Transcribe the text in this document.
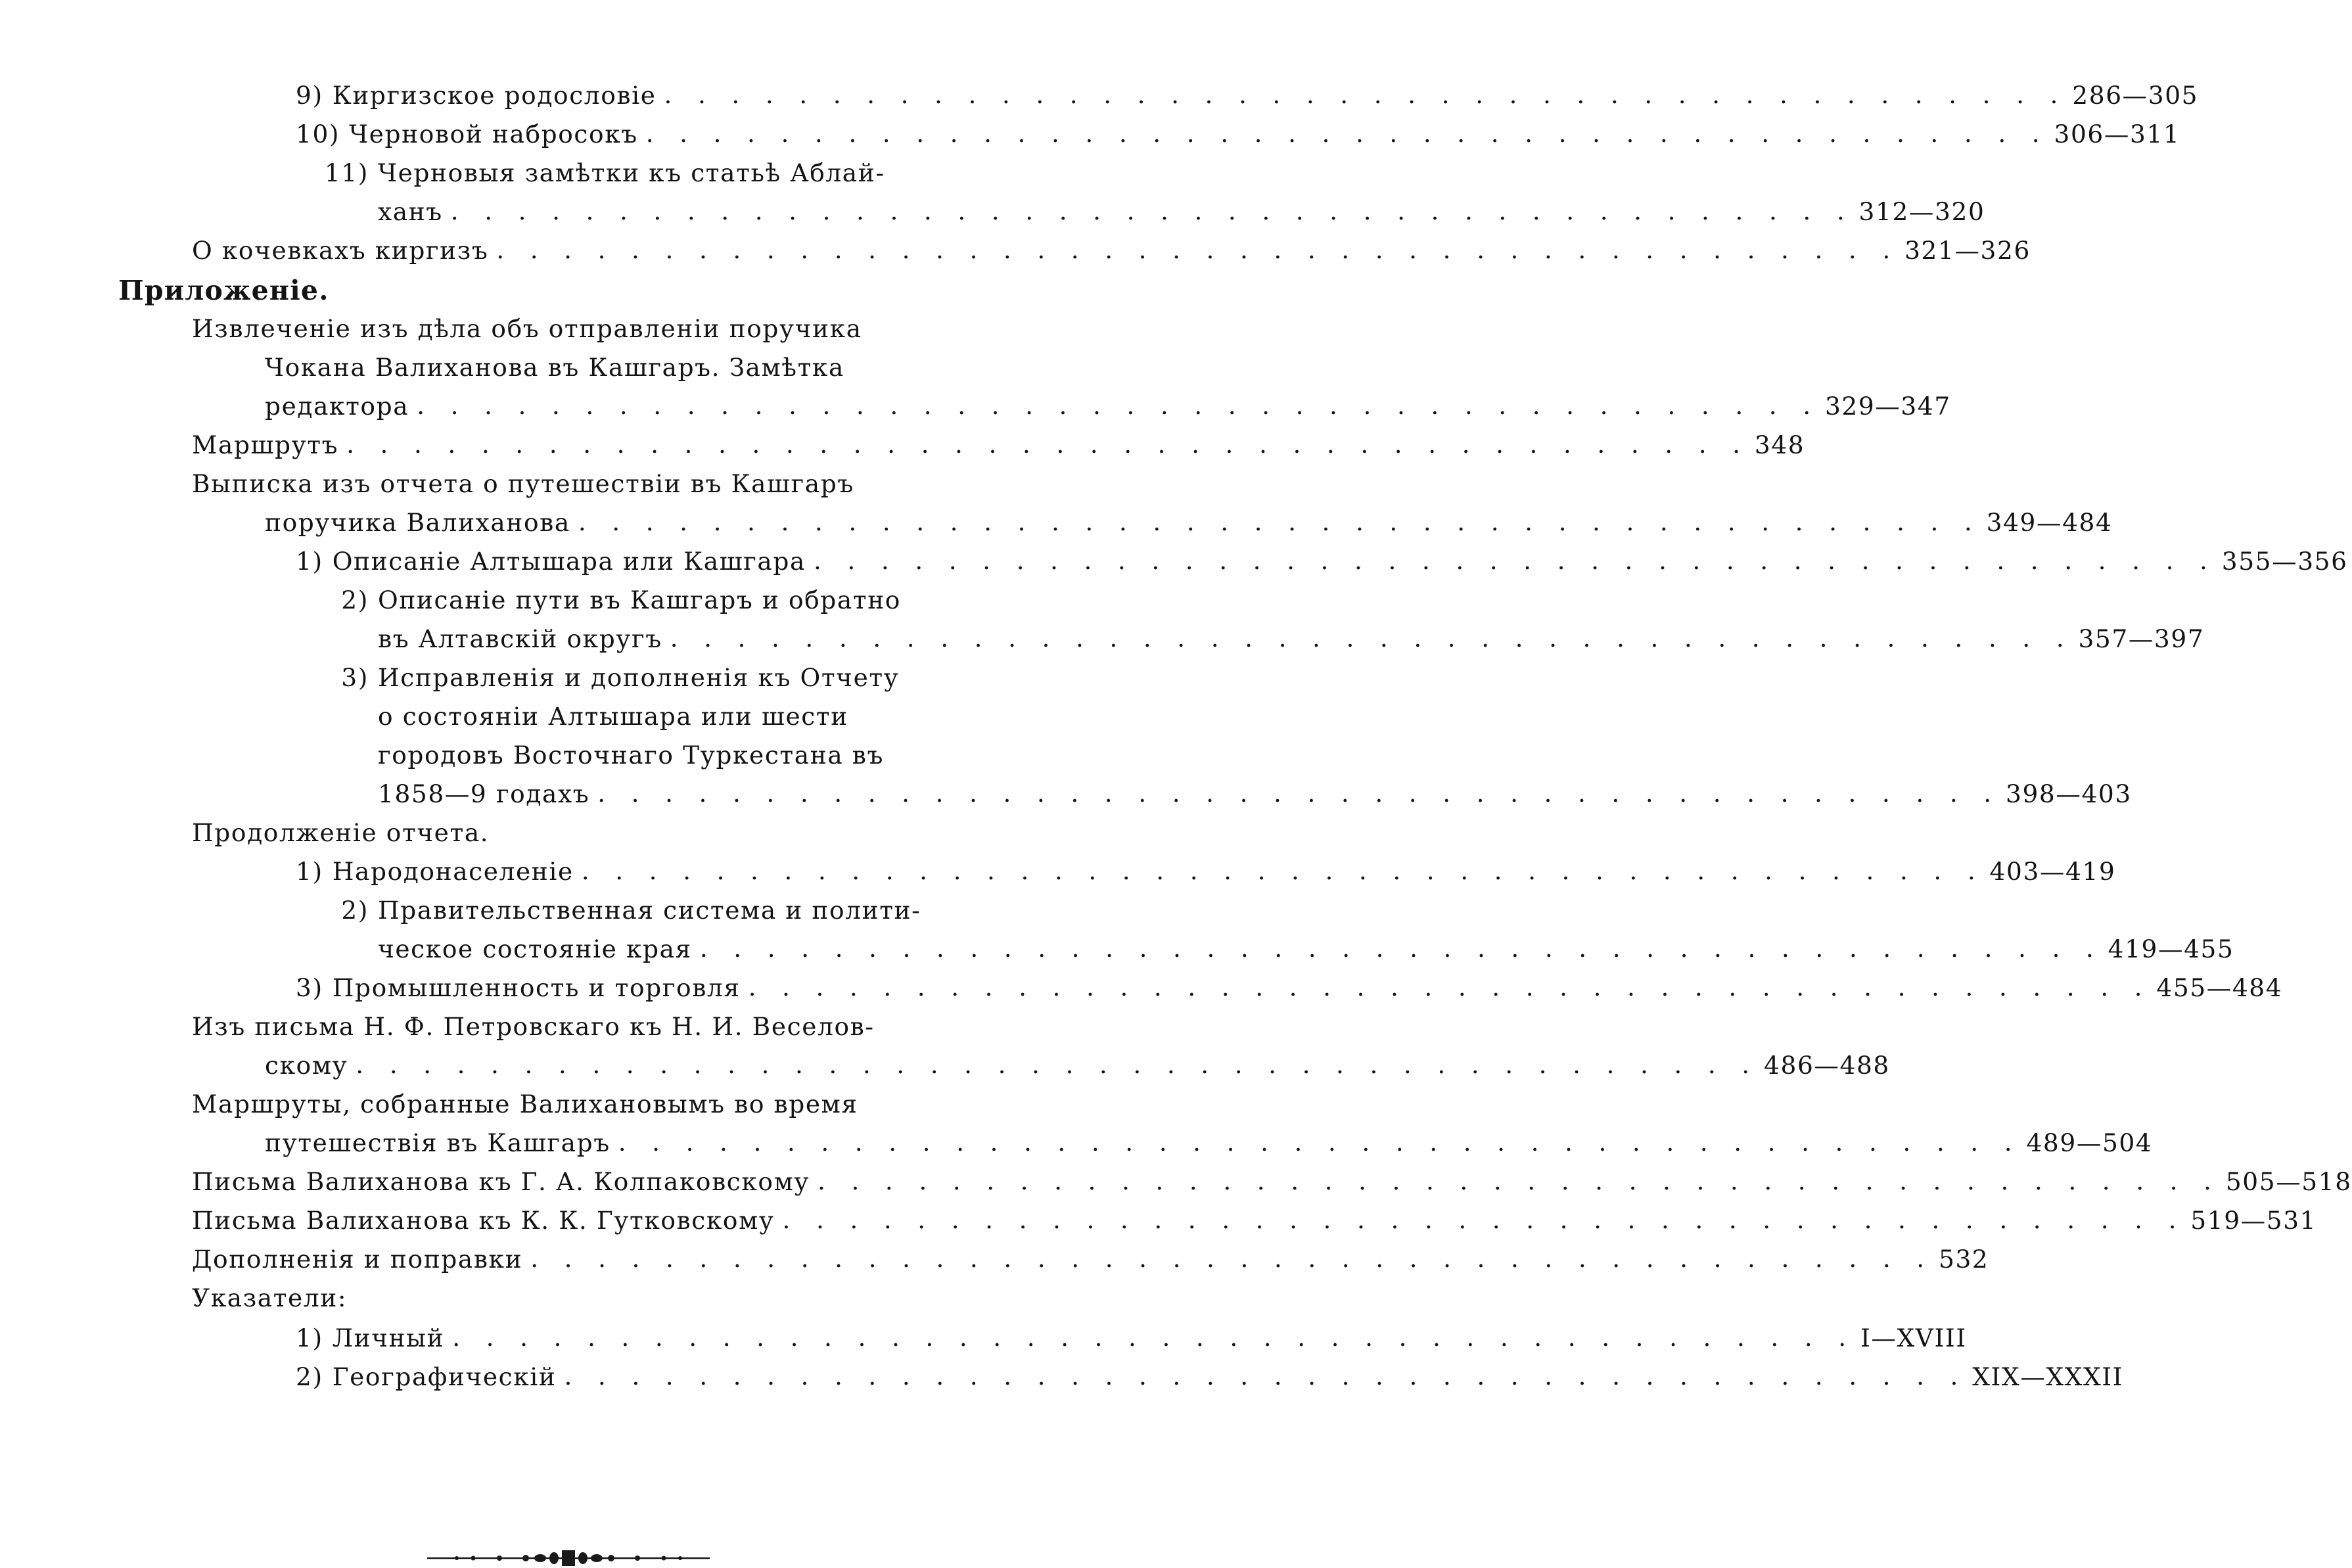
9) Киргизское родословіе . . . . . . . . . . . . . . . . . . . . . . . . . . . . . . . . . . . . . . . . . . 286—305
10) Черновой набросокъ . . . . . . . . . . . . . . . . . . . . . . . . . . . . . . . . . . . . . . . . . . 306—311
11) Черновыя замѣтки къ статьѣ Аблай-
ханъ . . . . . . . . . . . . . . . . . . . . . . . . . . . . . . . . . . . . . . . . . . 312—320
О кочевкахъ киргизъ . . . . . . . . . . . . . . . . . . . . . . . . . . . . . . . . . . . . . . . . . . 321—326
Приложеніе.
Извлеченіе изъ дѣла объ отправленіи поручика
Чокана Валиханова въ Кашгаръ. Замѣтка
редактора . . . . . . . . . . . . . . . . . . . . . . . . . . . . . . . . . . . . . . . . . . 329—347
Маршрутъ . . . . . . . . . . . . . . . . . . . . . . . . . . . . . . . . . . . . . . . . . . 348
Выписка изъ отчета о путешествіи въ Кашгаръ
поручика Валиханова . . . . . . . . . . . . . . . . . . . . . . . . . . . . . . . . . . . . . . . . . . 349—484
1) Описаніе Алтышара или Кашгара . . . . . . . . . . . . . . . . . . . . . . . . . . . . . . . . . . . . . . . . . . 355—356
2) Описаніе пути въ Кашгаръ и обратно
въ Алтавскій округъ . . . . . . . . . . . . . . . . . . . . . . . . . . . . . . . . . . . . . . . . . . 357—397
3) Исправленія и дополненія къ Отчету
о состояніи Алтышара или шести
городовъ Восточнаго Туркестана въ
1858—9 годахъ . . . . . . . . . . . . . . . . . . . . . . . . . . . . . . . . . . . . . . . . . . 398—403
Продолженіе отчета.
1) Народонаселеніе . . . . . . . . . . . . . . . . . . . . . . . . . . . . . . . . . . . . . . . . . . 403—419
2) Правительственная система и полити-
ческое состояніе края . . . . . . . . . . . . . . . . . . . . . . . . . . . . . . . . . . . . . . . . . . 419—455
3) Промышленность и торговля . . . . . . . . . . . . . . . . . . . . . . . . . . . . . . . . . . . . . . . . . . 455—484
Изъ письма Н. Ф. Петровскаго къ Н. И. Веселов-
скому . . . . . . . . . . . . . . . . . . . . . . . . . . . . . . . . . . . . . . . . . . 486—488
Маршруты, собранные Валихановымъ во время
путешествія въ Кашгаръ . . . . . . . . . . . . . . . . . . . . . . . . . . . . . . . . . . . . . . . . . . 489—504
Письма Валиханова къ Г. А. Колпаковскому . . . . . . . . . . . . . . . . . . . . . . . . . . . . . . . . . . . . . . . . . . 505—518
Письма Валиханова къ К. К. Гутковскому . . . . . . . . . . . . . . . . . . . . . . . . . . . . . . . . . . . . . . . . . . 519—531
Дополненія и поправки . . . . . . . . . . . . . . . . . . . . . . . . . . . . . . . . . . . . . . . . . . 532
Указатели:
1) Личный . . . . . . . . . . . . . . . . . . . . . . . . . . . . . . . . . . . . . . . . . . I—XVIII
2) Географическій . . . . . . . . . . . . . . . . . . . . . . . . . . . . . . . . . . . . . . . . . . XIX—XXXII
